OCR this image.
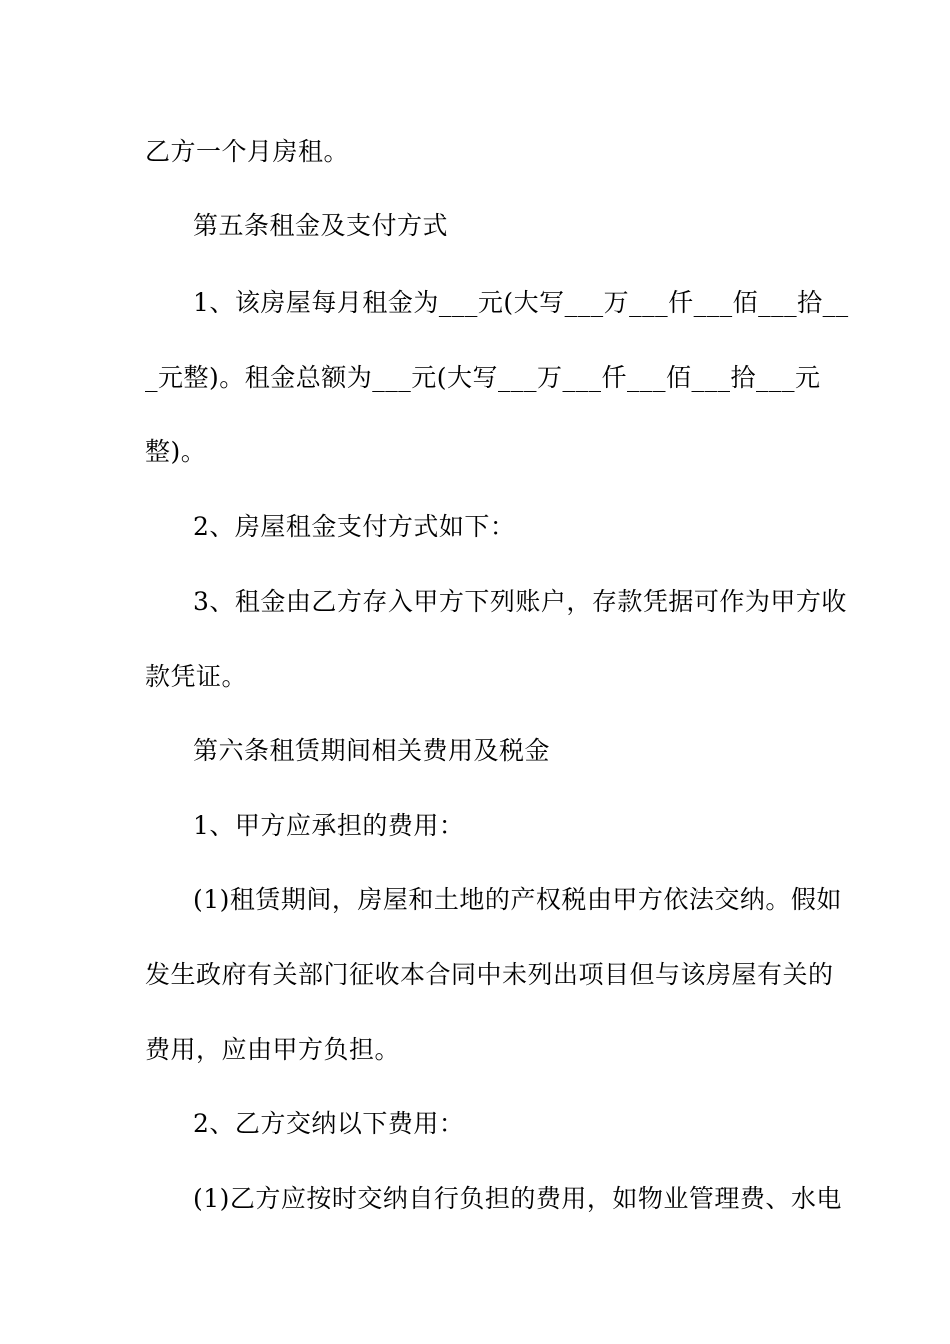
乙方一个月房租。
第五条租金及支付方式
1、该房屋每月租金为___元(大写___万___仟___佰___拾__
_元整)。租金总额为___元(大写___万___仟___佰___拾___元
整)。
2、房屋租金支付方式如下：
3、租金由乙方存入甲方下列账户，存款凭据可作为甲方收
款凭证。
第六条租赁期间相关费用及税金
1、甲方应承担的费用：
(1)租赁期间，房屋和土地的产权税由甲方依法交纳。假如
发生政府有关部门征收本合同中未列出项目但与该房屋有关的
费用，应由甲方负担。
2、乙方交纳以下费用：
(1)乙方应按时交纳自行负担的费用，如物业管理费、水电
